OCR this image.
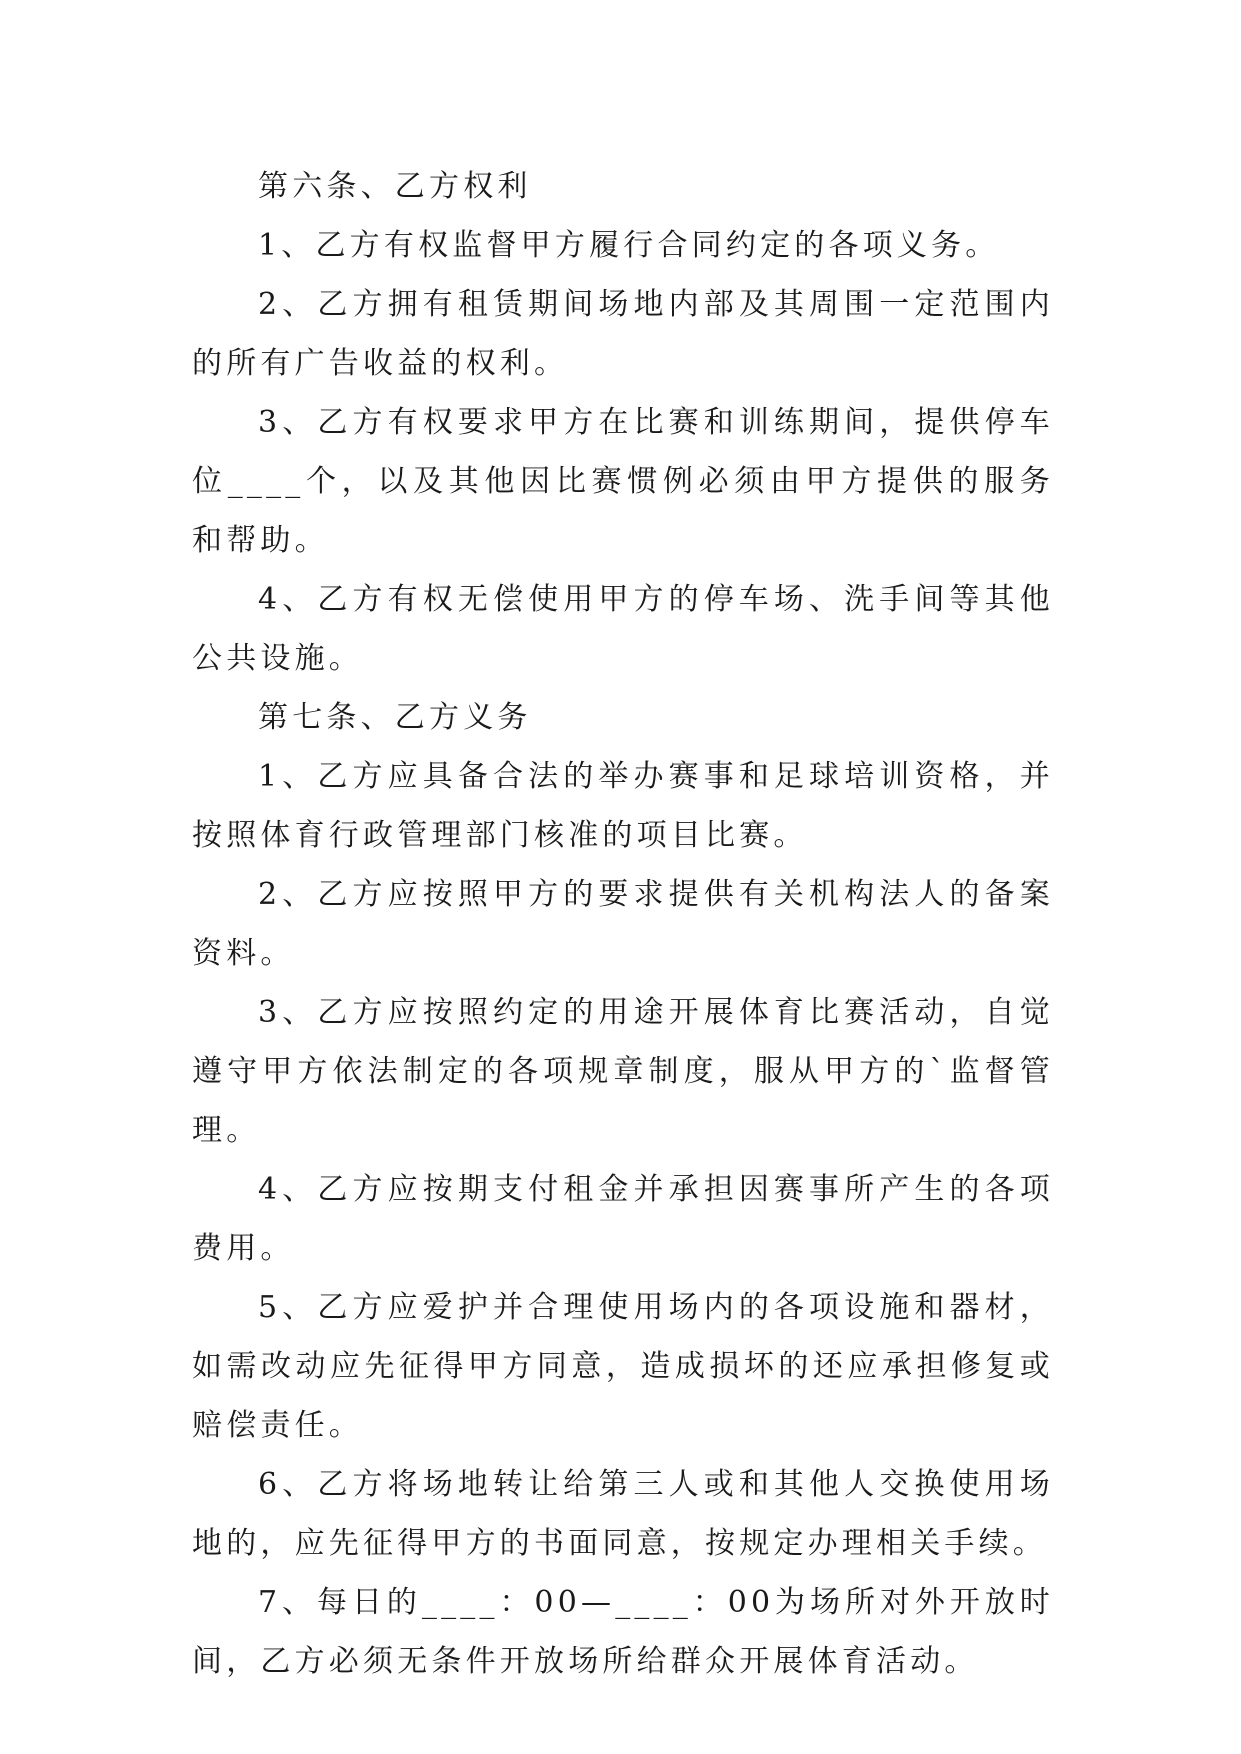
第六条、乙方权利

1、乙方有权监督甲方履行合同约定的各项义务。

2、乙方拥有租赁期间场地内部及其周围一定范围内的所有广告收益的权利。

3、乙方有权要求甲方在比赛和训练期间，提供停车位____个，以及其他因比赛惯例必须由甲方提供的服务和帮助。

4、乙方有权无偿使用甲方的停车场、洗手间等其他公共设施。

第七条、乙方义务

1、乙方应具备合法的举办赛事和足球培训资格，并按照体育行政管理部门核准的项目比赛。

2、乙方应按照甲方的要求提供有关机构法人的备案资料。

3、乙方应按照约定的用途开展体育比赛活动，自觉遵守甲方依法制定的各项规章制度，服从甲方的`监督管理。

4、乙方应按期支付租金并承担因赛事所产生的各项费用。

5、乙方应爱护并合理使用场内的各项设施和器材，如需改动应先征得甲方同意，造成损坏的还应承担修复或赔偿责任。

6、乙方将场地转让给第三人或和其他人交换使用场地的，应先征得甲方的书面同意，按规定办理相关手续。

7、每日的____：00—____：00为场所对外开放时间，乙方必须无条件开放场所给群众开展体育活动。
